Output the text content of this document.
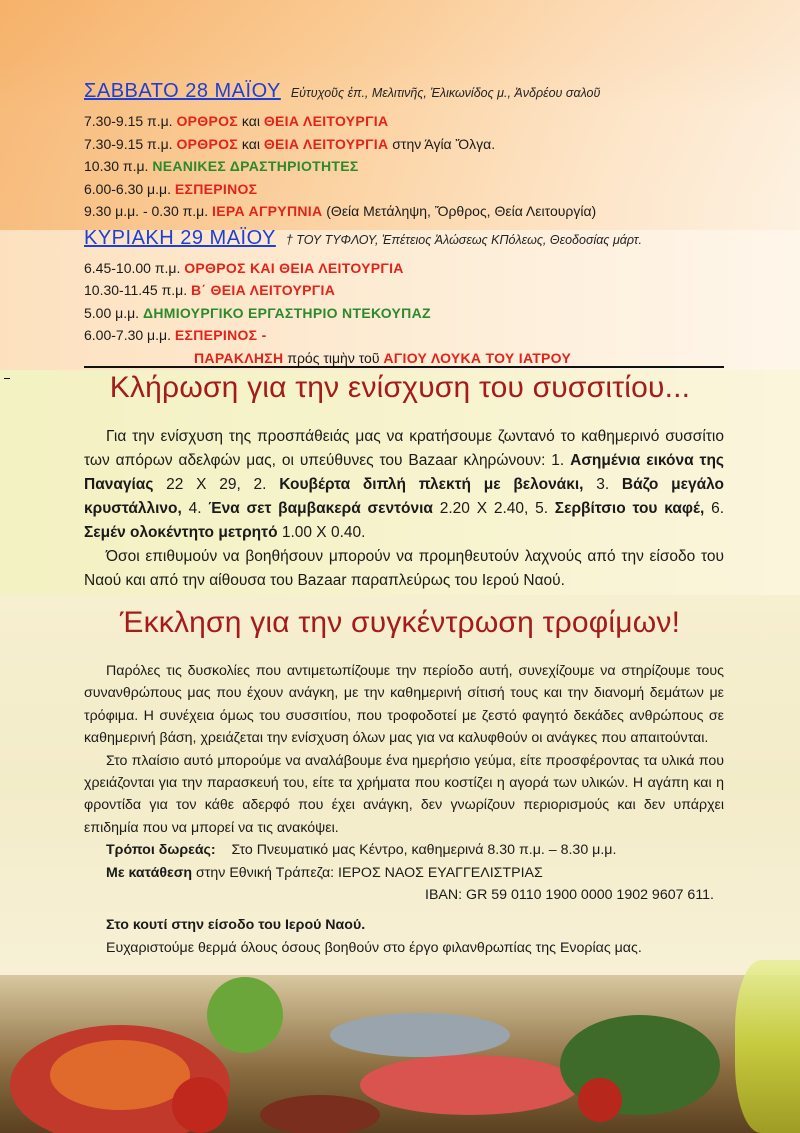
ΣΑΒΒΑΤΟ 28 ΜΑΪΟΥ Εὐτυχοῦς ἐπ., Μελιτινῆς, Ἑλικωνίδος μ., Ἀνδρέου σαλοῦ
7.30-9.15 π.μ. ΟΡΘΡΟΣ και ΘΕΙΑ ΛΕΙΤΟΥΡΓΙΑ
7.30-9.15 π.μ. ΟΡΘΡΟΣ και ΘΕΙΑ ΛΕΙΤΟΥΡΓΙΑ στην Άγία Ὄλγα.
10.30 π.μ. ΝΕΑΝΙΚΕΣ ΔΡΑΣΤΗΡΙΟΤΗΤΕΣ
6.00-6.30 μ.μ. ΕΣΠΕΡΙΝΟΣ
9.30 μ.μ. - 0.30 π.μ. ΙΕΡΑ ΑΓΡΥΠΝΙΑ (Θεία Μετάληψη, Ὄρθρος, Θεία Λειτουργία)
ΚΥΡΙΑΚΗ 29 ΜΑΪΟΥ † ΤΟΥ ΤΥΦΛΟΥ, Ἐπέτειος Ἁλώσεως ΚΠόλεως, Θεοδοσίας μάρτ.
6.45-10.00 π.μ. ΟΡΘΡΟΣ ΚΑΙ ΘΕΙΑ ΛΕΙΤΟΥΡΓΙΑ
10.30-11.45 π.μ. Β΄ ΘΕΙΑ ΛΕΙΤΟΥΡΓΙΑ
5.00 μ.μ. ΔΗΜΙΟΥΡΓΙΚΟ ΕΡΓΑΣΤΗΡΙΟ ΝΤΕΚΟΥΠΑΖ
6.00-7.30 μ.μ. ΕΣΠΕΡΙΝΟΣ -
ΠΑΡΑΚΛΗΣΗ πρός τιμὴν τοῦ ΑΓΙΟΥ ΛΟΥΚΑ ΤΟΥ ΙΑΤΡΟΥ
Κλήρωση για την ενίσχυση του συσσιτίου...

Για την ενίσχυση της προσπάθειάς μας να κρατήσουμε ζωντανό το καθημερινό συσσίτιο των απόρων αδελφών μας, οι υπεύθυνες του Bazaar κληρώνουν: 1. Ασημένια εικόνα της Παναγίας 22 Χ 29, 2. Κουβέρτα διπλή πλεκτή με βελονάκι, 3. Βάζο μεγάλο κρυστάλλινο, 4. Ένα σετ βαμβακερά σεντόνια 2.20 Χ 2.40, 5. Σερβίτσιο του καφέ, 6. Σεμέν ολοκέντητο μετρητό 1.00 Χ 0.40.

Όσοι επιθυμούν να βοηθήσουν μπορούν να προμηθευτούν λαχνούς από την είσοδο του Ναού και από την αίθουσα του Bazaar παραπλεύρως του Ιερού Ναού.

Έκκληση για την συγκέντρωση τροφίμων!

Παρόλες τις δυσκολίες που αντιμετωπίζουμε την περίοδο αυτή, συνεχίζουμε να στηρίζουμε τους συνανθρώπους μας που έχουν ανάγκη, με την καθημερινή σίτισή τους και την διανομή δεμάτων με τρόφιμα. Η συνέχεια όμως του συσσιτίου, που τροφοδοτεί με ζεστό φαγητό δεκάδες ανθρώπους σε καθημερινή βάση, χρειάζεται την ενίσχυση όλων μας για να καλυφθούν οι ανάγκες που απαιτούνται.

Στο πλαίσιο αυτό μπορούμε να αναλάβουμε ένα ημερήσιο γεύμα, είτε προσφέροντας τα υλικά που χρειάζονται για την παρασκευή του, είτε τα χρήματα που κοστίζει η αγορά των υλικών. Η αγάπη και η φροντίδα για τον κάθε αδερφό που έχει ανάγκη, δεν γνωρίζουν περιορισμούς και δεν υπάρχει επιδημία που να μπορεί να τις ανακόψει.

Τρόποι δωρεάς: Στο Πνευματικό μας Κέντρο, καθημερινά 8.30 π.μ. – 8.30 μ.μ.

Με κατάθεση στην Εθνική Τράπεζα: ΙΕΡΟΣ ΝΑΟΣ ΕΥΑΓΓΕΛΙΣΤΡΙΑΣ

IBAN: GR 59 0110 1900 0000 1902 9607 611.

Στο κουτί στην είσοδο του Ιερού Ναού.

Ευχαριστούμε θερμά όλους όσους βοηθούν στο έργο φιλανθρωπίας της Ενορίας μας.
